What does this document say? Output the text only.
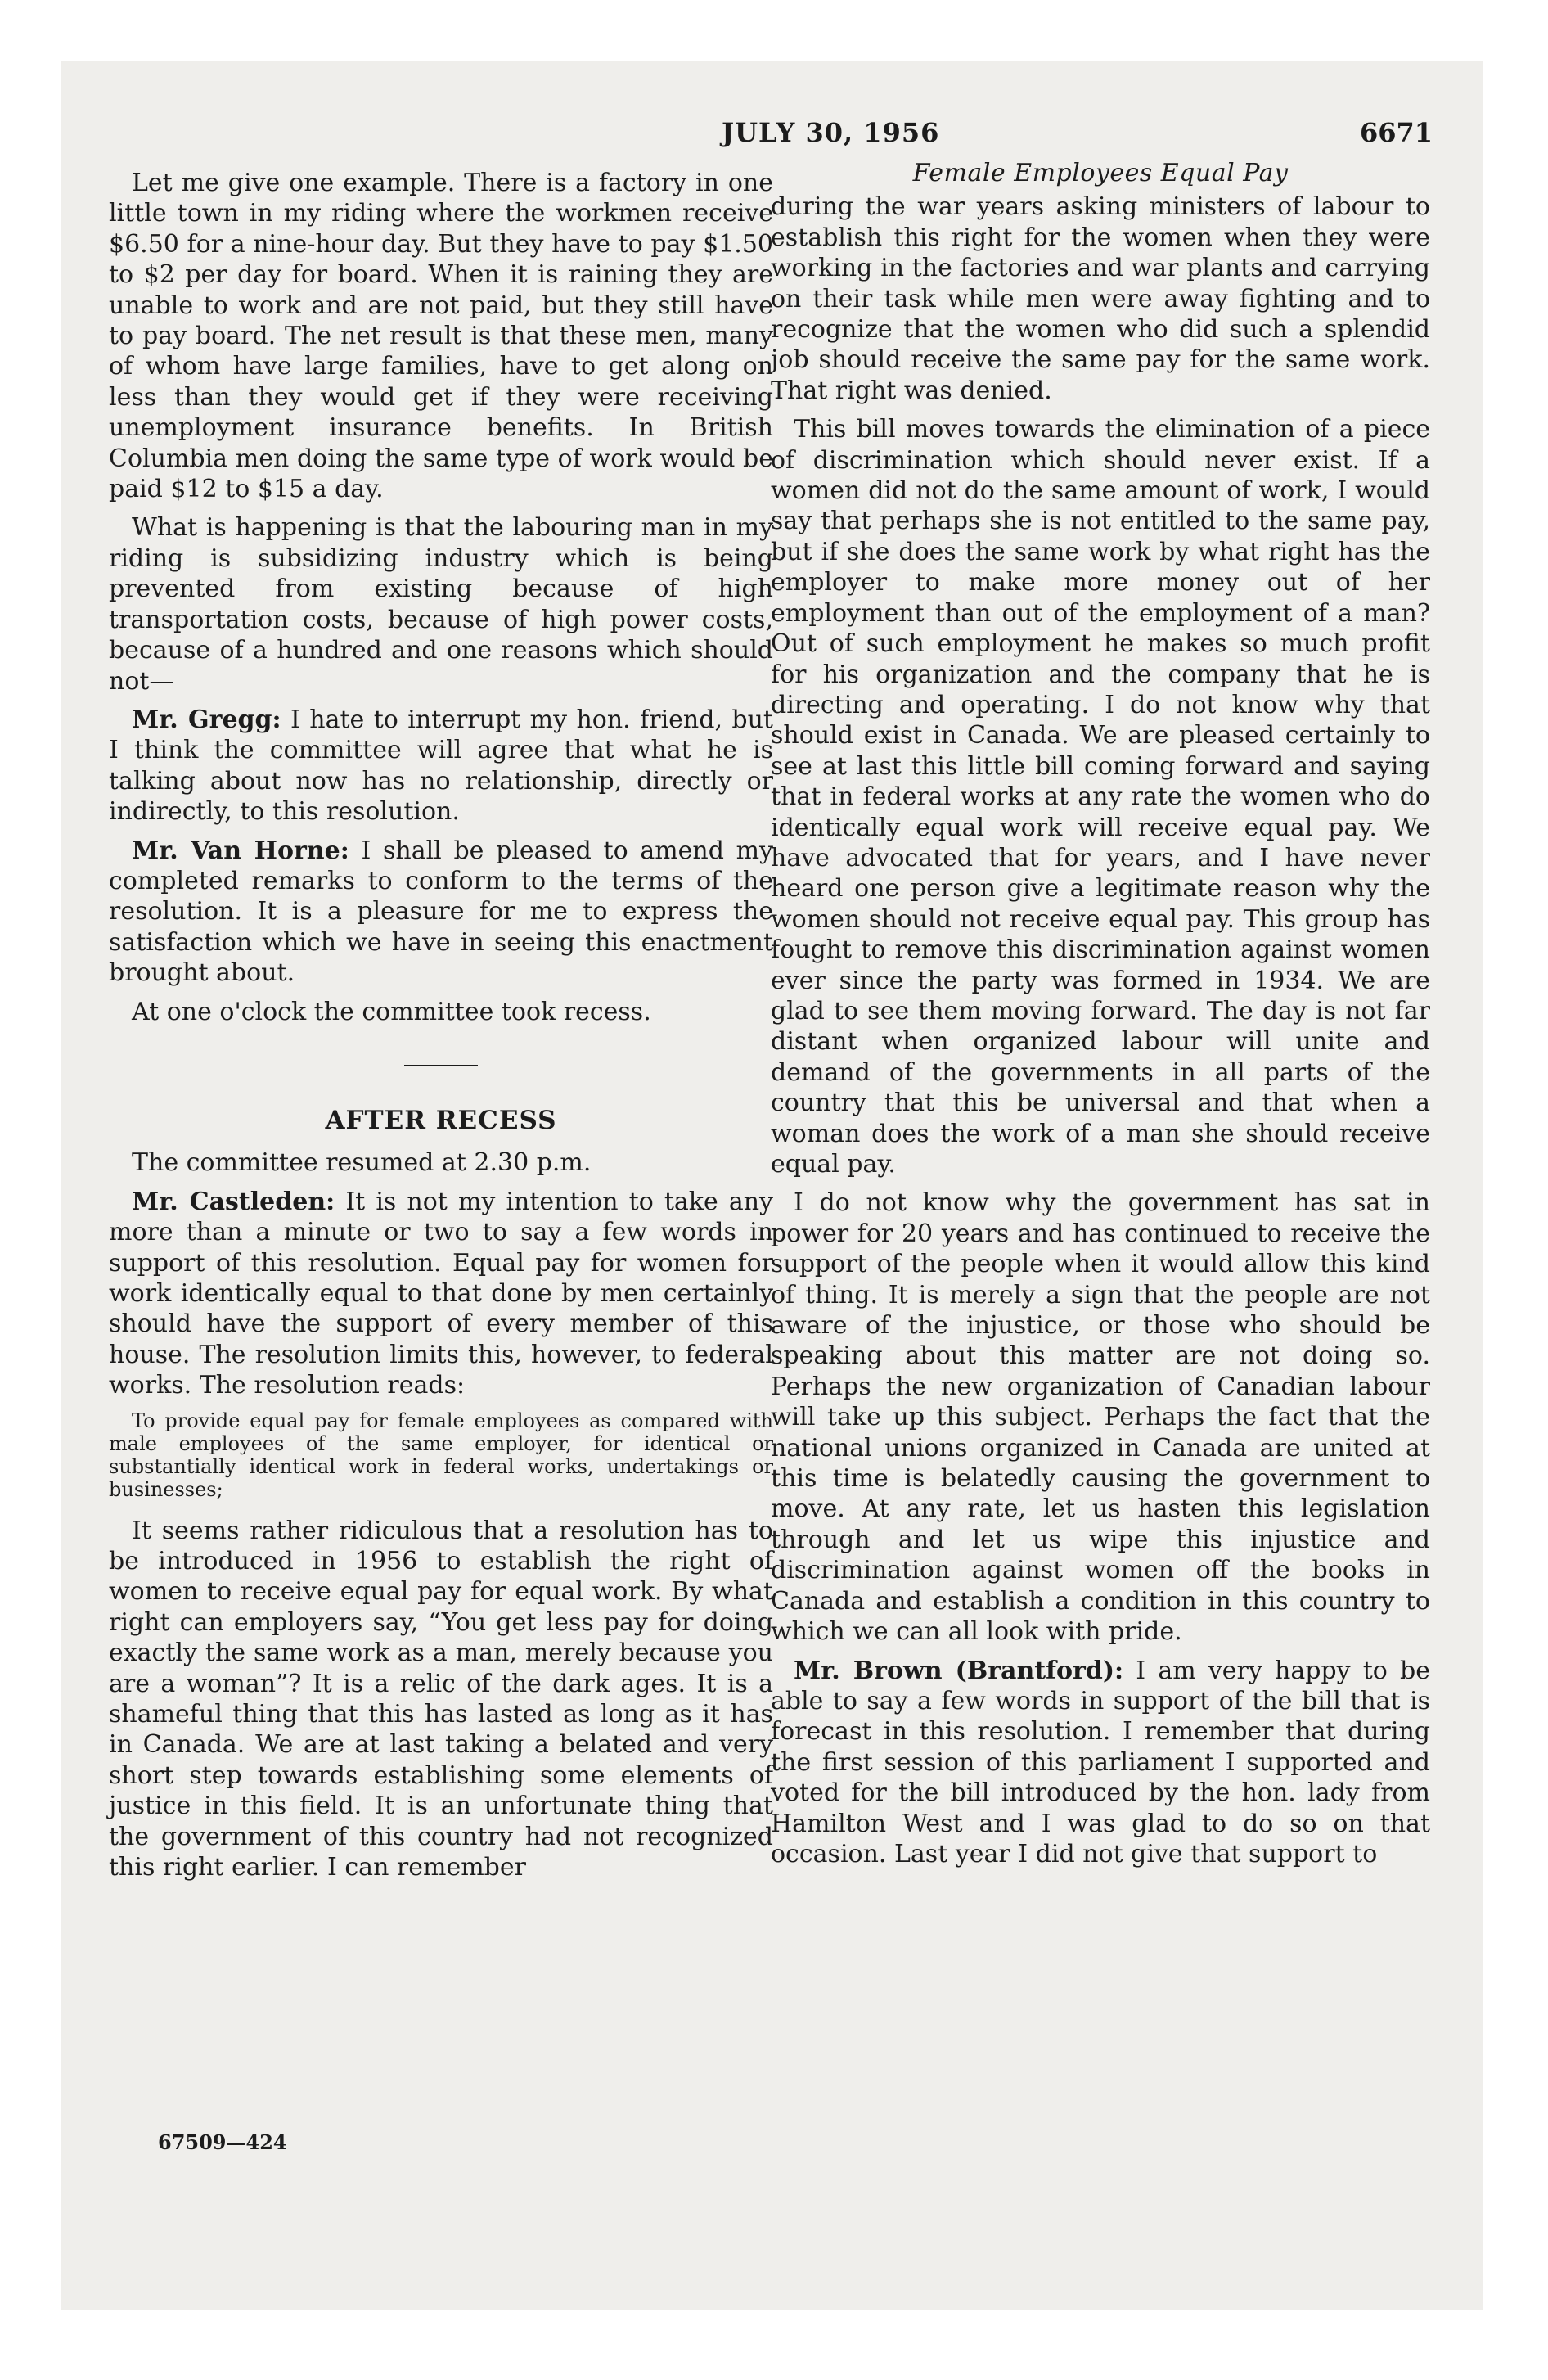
JULY 30, 1956	6671

Let me give one example. There is a factory in one little town in my riding where the workmen receive $6.50 for a nine-hour day. But they have to pay $1.50 to $2 per day for board. When it is raining they are unable to work and are not paid, but they still have to pay board. The net result is that these men, many of whom have large families, have to get along on less than they would get if they were receiving unemployment insurance benefits. In British Columbia men doing the same type of work would be paid $12 to $15 a day.

What is happening is that the labouring man in my riding is subsidizing industry which is being prevented from existing because of high transportation costs, because of high power costs, because of a hundred and one reasons which should not—

Mr. Gregg: I hate to interrupt my hon. friend, but I think the committee will agree that what he is talking about now has no relationship, directly or indirectly, to this resolution.

Mr. Van Horne: I shall be pleased to amend my completed remarks to conform to the terms of the resolution. It is a pleasure for me to express the satisfaction which we have in seeing this enactment brought about.

At one o'clock the committee took recess.

AFTER RECESS

The committee resumed at 2.30 p.m.

Mr. Castleden: It is not my intention to take any more than a minute or two to say a few words in support of this resolution. Equal pay for women for work identically equal to that done by men certainly should have the support of every member of this house. The resolution limits this, however, to federal works. The resolution reads:

To provide equal pay for female employees as compared with male employees of the same employer, for identical or substantially identical work in federal works, undertakings or businesses;

It seems rather ridiculous that a resolution has to be introduced in 1956 to establish the right of women to receive equal pay for equal work. By what right can employers say, “You get less pay for doing exactly the same work as a man, merely because you are a woman”? It is a relic of the dark ages. It is a shameful thing that this has lasted as long as it has in Canada. We are at last taking a belated and very short step towards establishing some elements of justice in this field. It is an unfortunate thing that the government of this country had not recognized this right earlier. I can remember

Female Employees Equal Pay

during the war years asking ministers of labour to establish this right for the women when they were working in the factories and war plants and carrying on their task while men were away fighting and to recognize that the women who did such a splendid job should receive the same pay for the same work. That right was denied.

This bill moves towards the elimination of a piece of discrimination which should never exist. If a women did not do the same amount of work, I would say that perhaps she is not entitled to the same pay, but if she does the same work by what right has the employer to make more money out of her employment than out of the employment of a man? Out of such employment he makes so much profit for his organization and the company that he is directing and operating. I do not know why that should exist in Canada. We are pleased certainly to see at last this little bill coming forward and saying that in federal works at any rate the women who do identically equal work will receive equal pay. We have advocated that for years, and I have never heard one person give a legitimate reason why the women should not receive equal pay. This group has fought to remove this discrimination against women ever since the party was formed in 1934. We are glad to see them moving forward. The day is not far distant when organized labour will unite and demand of the governments in all parts of the country that this be universal and that when a woman does the work of a man she should receive equal pay.

I do not know why the government has sat in power for 20 years and has continued to receive the support of the people when it would allow this kind of thing. It is merely a sign that the people are not aware of the injustice, or those who should be speaking about this matter are not doing so. Perhaps the new organization of Canadian labour will take up this subject. Perhaps the fact that the national unions organized in Canada are united at this time is belatedly causing the government to move. At any rate, let us hasten this legislation through and let us wipe this injustice and discrimination against women off the books in Canada and establish a condition in this country to which we can all look with pride.

Mr. Brown (Brantford): I am very happy to be able to say a few words in support of the bill that is forecast in this resolution. I remember that during the first session of this parliament I supported and voted for the bill introduced by the hon. lady from Hamilton West and I was glad to do so on that occasion. Last year I did not give that support to

67509—424
